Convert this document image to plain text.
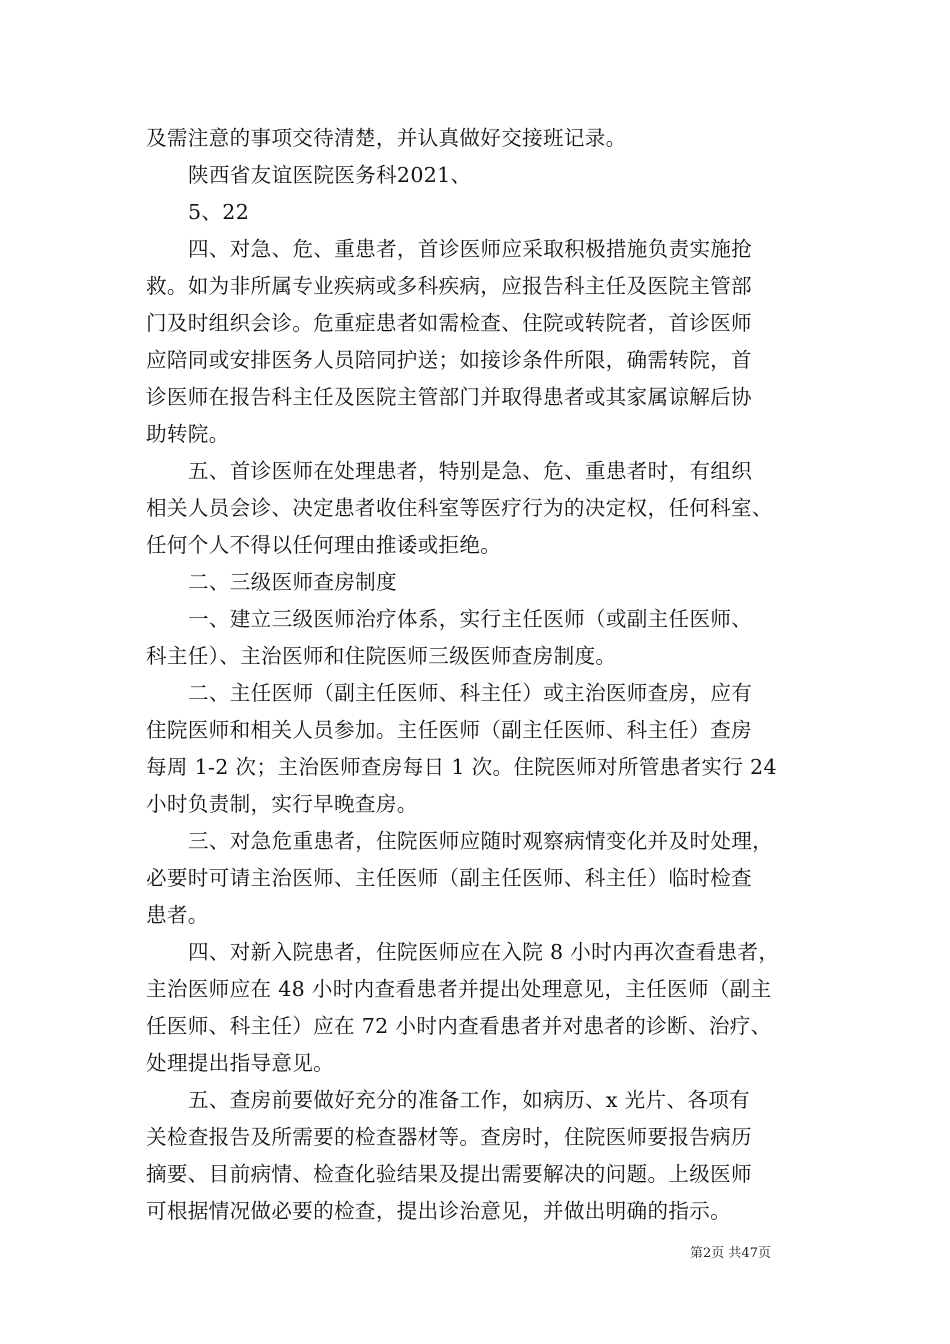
及需注意的事项交待清楚，并认真做好交接班记录。
陕西省友谊医院医务科2021、
5、22
四、对急、危、重患者，首诊医师应采取积极措施负责实施抢
救。如为非所属专业疾病或多科疾病，应报告科主任及医院主管部
门及时组织会诊。危重症患者如需检查、住院或转院者，首诊医师
应陪同或安排医务人员陪同护送；如接诊条件所限，确需转院，首
诊医师在报告科主任及医院主管部门并取得患者或其家属谅解后协
助转院。
五、首诊医师在处理患者，特别是急、危、重患者时，有组织
相关人员会诊、决定患者收住科室等医疗行为的决定权，任何科室、
任何个人不得以任何理由推诿或拒绝。
二、三级医师查房制度
一、建立三级医师治疗体系，实行主任医师（或副主任医师、
科主任）、主治医师和住院医师三级医师查房制度。
二、主任医师（副主任医师、科主任）或主治医师查房，应有
住院医师和相关人员参加。主任医师（副主任医师、科主任）查房
每周 1-2 次；主治医师查房每日 1 次。住院医师对所管患者实行 24
小时负责制，实行早晚查房。
三、对急危重患者，住院医师应随时观察病情变化并及时处理，
必要时可请主治医师、主任医师（副主任医师、科主任）临时检查
患者。
四、对新入院患者，住院医师应在入院 8 小时内再次查看患者，
主治医师应在 48 小时内查看患者并提出处理意见，主任医师（副主
任医师、科主任）应在 72 小时内查看患者并对患者的诊断、治疗、
处理提出指导意见。
五、查房前要做好充分的准备工作，如病历、x 光片、各项有
关检查报告及所需要的检查器材等。查房时，住院医师要报告病历
摘要、目前病情、检查化验结果及提出需要解决的问题。上级医师
可根据情况做必要的检查，提出诊治意见，并做出明确的指示。
第2页 共47页
